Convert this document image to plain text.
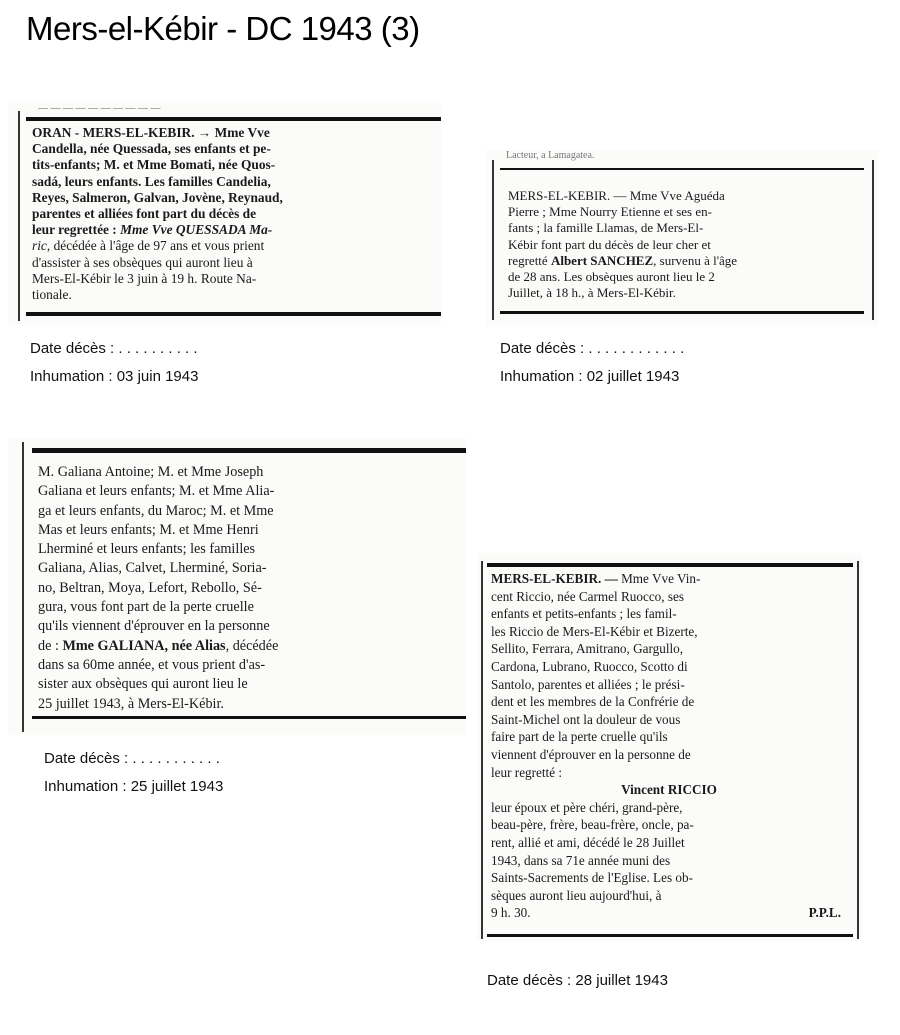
Mers-el-Kébir - DC 1943 (3)
— — — — — — — — — —
ORAN - MERS-EL-KEBIR. → Mme Vve
Candella, née Quessada, ses enfants et pe-
tits-enfants; M. et Mme Bomati, née Quos-
sadá, leurs enfants. Les familles Candelia,
Reyes, Salmeron, Galvan, Jovène, Reynaud,
parentes et alliées font part du décès de
leur regrettée : Mme Vve QUESSADA Ma-
ric, décédée à l'âge de 97 ans et vous prient
d'assister à ses obsèques qui auront lieu à
Mers-El-Kébir le 3 juin à 19 h. Route Na-
tionale.
Lacteur, a Lamagatea.
MERS-EL-KEBIR. — Mme Vve Aguéda
Pierre ; Mme Nourry Etienne et ses en-
fants ; la famille Llamas, de Mers-El-
Kébir font part du décès de leur cher et
regretté Albert SANCHEZ, survenu à l'âge
de 28 ans. Les obsèques auront lieu le 2
Juillet, à 18 h., à Mers-El-Kébir.
M. Galiana Antoine; M. et Mme Joseph
Galiana et leurs enfants; M. et Mme Alia-
ga et leurs enfants, du Maroc; M. et Mme
Mas et leurs enfants; M. et Mme Henri
Lherminé et leurs enfants; les familles
Galiana, Alias, Calvet, Lherminé, Soria-
no, Beltran, Moya, Lefort, Rebollo, Sé-
gura, vous font part de la perte cruelle
qu'ils viennent d'éprouver en la personne
de : Mme GALIANA, née Alias, décédée
dans sa 60me année, et vous prient d'as-
sister aux obsèques qui auront lieu le
25 juillet 1943, à Mers-El-Kébir.
MERS-EL-KEBIR. — Mme Vve Vin-
cent Riccio, née Carmel Ruocco, ses
enfants et petits-enfants ; les famil-
les Riccio de Mers-El-Kébir et Bizerte,
Sellito, Ferrara, Amitrano, Gargullo,
Cardona, Lubrano, Ruocco, Scotto di
Santolo, parentes et alliées ; le prési-
dent et les membres de la Confrérie de
Saint-Michel ont la douleur de vous
faire part de la perte cruelle qu'ils
viennent d'éprouver en la personne de
leur regretté :
Vincent RICCIO
leur époux et père chéri, grand-père,
beau-père, frère, beau-frère, oncle, pa-
rent, allié et ami, décédé le 28 Juillet
1943, dans sa 71e année muni des
Saints-Sacrements de l'Eglise. Les ob-
sèques auront lieu aujourd'hui, à
9 h. 30.	P.P.L.
Date décès : . . . . . . . . . .
Inhumation : 03 juin 1943
Date décès : . . . . . . . . . . . .
Inhumation : 02 juillet 1943
Date décès : . . . . . . . . . . .
Inhumation : 25 juillet 1943
Date décès : 28 juillet 1943
